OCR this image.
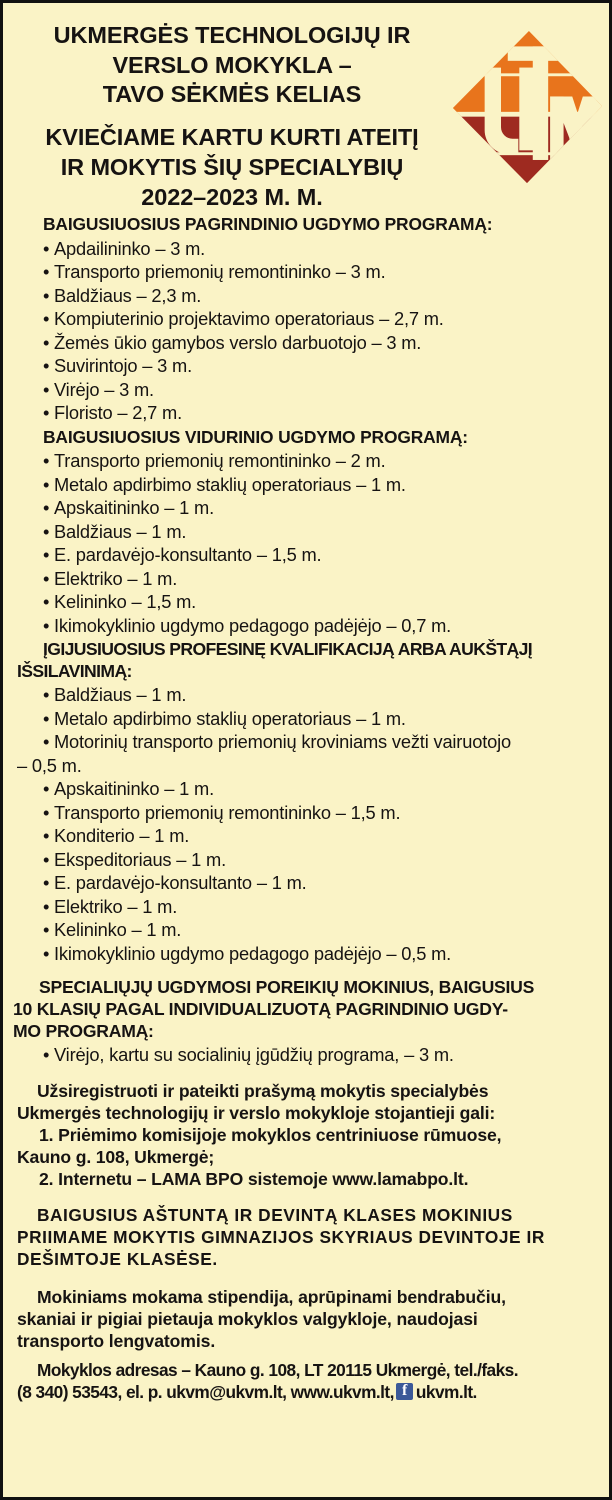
UKMERGĖS TECHNOLOGIJŲ IR
VERSLO MOKYKLA –
TAVO SĖKMĖS KELIAS
KVIEČIAME KARTU KURTI ATEITĮ
IR MOKYTIS ŠIŲ SPECIALYBIŲ
2022–2023 M. M.
BAIGUSIUOSIUS PAGRINDINIO UGDYMO PROGRAMĄ:
• Apdailininko – 3 m.
• Transporto priemonių remontininko – 3 m.
• Baldžiaus – 2,3 m.
• Kompiuterinio projektavimo operatoriaus – 2,7 m.
• Žemės ūkio gamybos verslo darbuotojo – 3 m.
• Suvirintojo – 3 m.
• Virėjo – 3 m.
• Floristo – 2,7 m.
BAIGUSIUOSIUS VIDURINIO UGDYMO PROGRAMĄ:
• Transporto priemonių remontininko – 2 m.
• Metalo apdirbimo staklių operatoriaus – 1 m.
• Apskaitininko – 1 m.
• Baldžiaus – 1 m.
• E. pardavėjo-konsultanto – 1,5 m.
• Elektriko – 1 m.
• Kelininko – 1,5 m.
• Ikimokyklinio ugdymo pedagogo padėjėjo – 0,7 m.
ĮGIJUSIUOSIUS PROFESINĘ KVALIFIKACIJĄ ARBA AUKŠTĄJĮ
IŠSILAVINIMĄ:
• Baldžiaus – 1 m.
• Metalo apdirbimo staklių operatoriaus – 1 m.
• Motorinių transporto priemonių kroviniams vežti vairuotojo
– 0,5 m.
• Apskaitininko – 1 m.
• Transporto priemonių remontininko – 1,5 m.
• Konditerio – 1 m.
• Ekspeditoriaus – 1 m.
• E. pardavėjo-konsultanto – 1 m.
• Elektriko – 1 m.
• Kelininko – 1 m.
• Ikimokyklinio ugdymo pedagogo padėjėjo – 0,5 m.
SPECIALIŲJŲ UGDYMOSI POREIKIŲ MOKINIUS, BAIGUSIUS
10 KLASIŲ PAGAL INDIVIDUALIZUOTĄ PAGRINDINIO UGDY-
MO PROGRAMĄ:
• Virėjo, kartu su socialinių įgūdžių programa, – 3 m.
Užsiregistruoti ir pateikti prašymą mokytis specialybės
Ukmergės technologijų ir verslo mokykloje stojantieji gali:
1. Priėmimo komisijoje mokyklos centriniuose rūmuose,
Kauno g. 108, Ukmergė;
2. Internetu – LAMA BPO sistemoje www.lamabpo.lt.
BAIGUSIUS AŠTUNTĄ IR DEVINTĄ KLASES MOKINIUS
PRIIMAME MOKYTIS GIMNAZIJOS SKYRIAUS DEVINTOJE IR DEŠIMTOJE KLASĖSE.
Mokiniams mokama stipendija, aprūpinami bendrabučiu,
skaniai ir pigiai pietauja mokyklos valgykloje, naudojasi
transporto lengvatomis.
Mokyklos adresas – Kauno g. 108, LT 20115 Ukmergė, tel./faks.
(8 340) 53543, el. p. ukvm@ukvm.lt, www.ukvm.lt, f ukvm.lt.
